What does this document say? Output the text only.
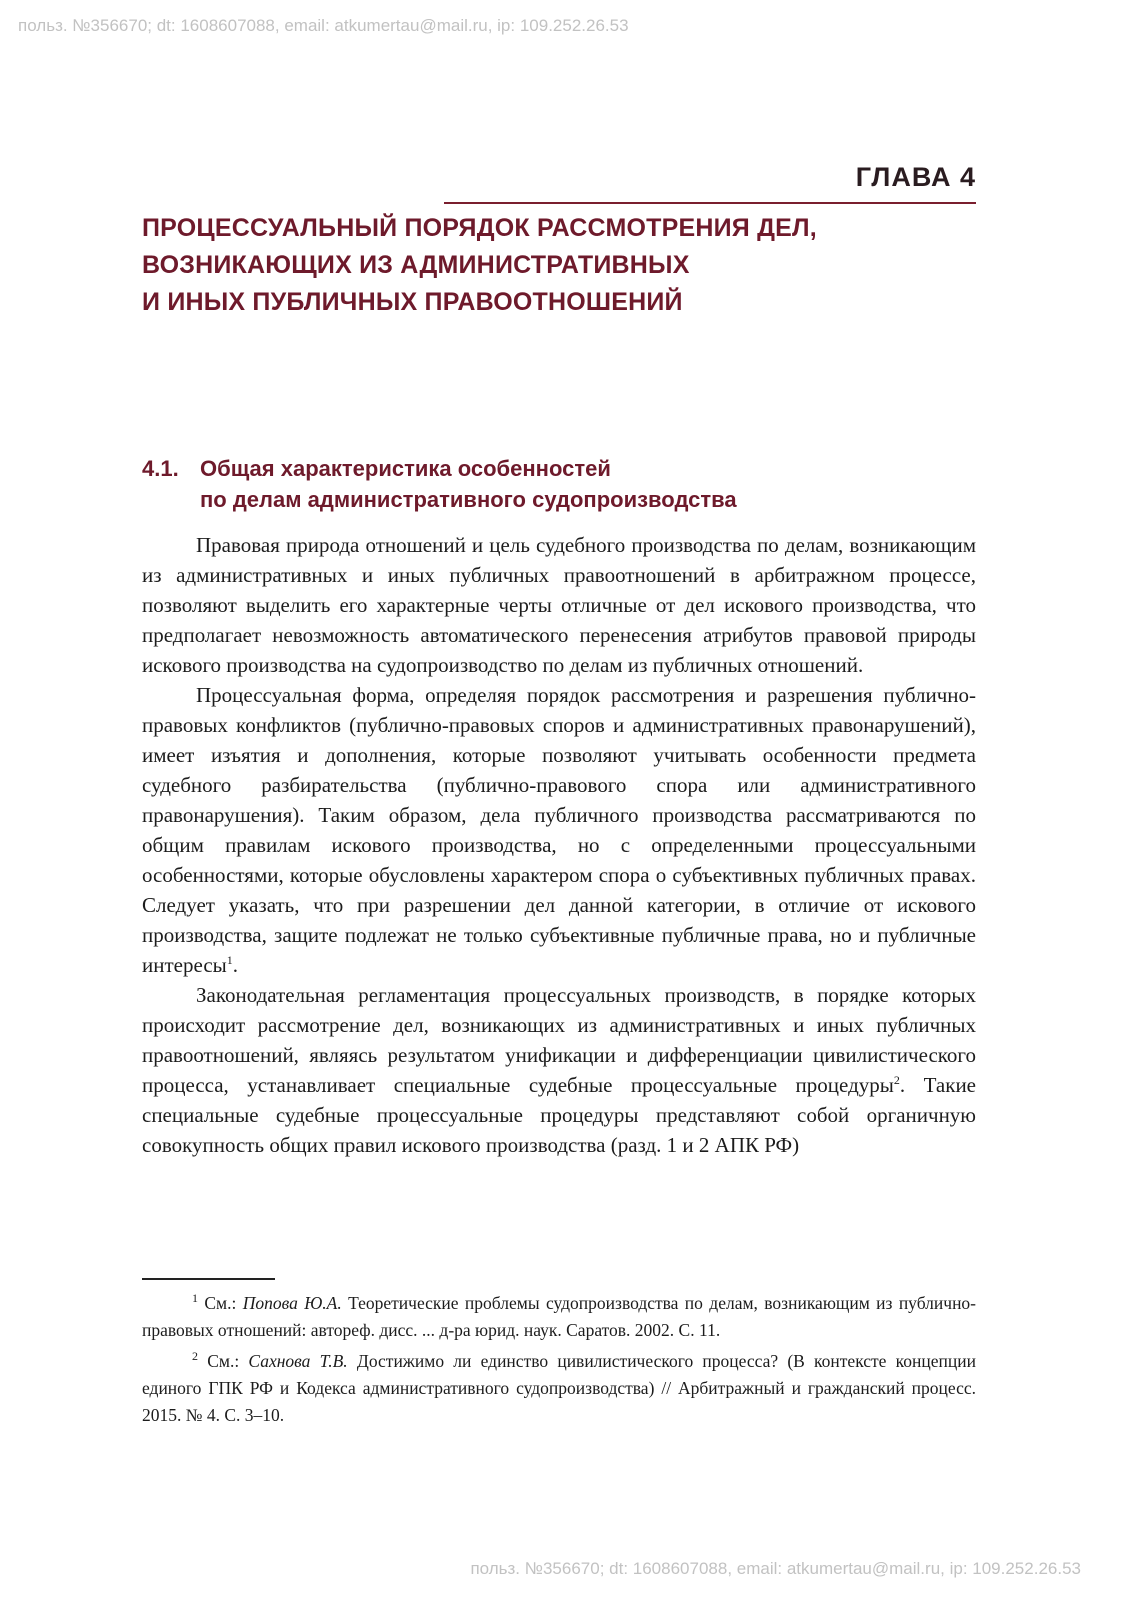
польз. №356670; dt: 1608607088, email: atkumertau@mail.ru, ip: 109.252.26.53
ГЛАВА 4
ПРОЦЕССУАЛЬНЫЙ ПОРЯДОК РАССМОТРЕНИЯ ДЕЛ,
ВОЗНИКАЮЩИХ ИЗ АДМИНИСТРАТИВНЫХ
И ИНЫХ ПУБЛИЧНЫХ ПРАВООТНОШЕНИЙ
4.1. Общая характеристика особенностей
по делам административного судопроизводства

Правовая природа отношений и цель судебного производства по делам, возникающим из административных и иных публичных правоотношений в арбитражном процессе, позволяют выделить его характерные черты отличные от дел искового производства, что предполагает невозможность автоматического перенесения атрибутов правовой природы искового производства на судопроизводство по делам из публичных отношений.

Процессуальная форма, определяя порядок рассмотрения и разрешения публично-правовых конфликтов (публично-правовых споров и административных правонарушений), имеет изъятия и дополнения, которые позволяют учитывать особенности предмета судебного разбирательства (публично-правового спора или административного правонарушения). Таким образом, дела публичного производства рассматриваются по общим правилам искового производства, но с определенными процессуальными особенностями, которые обусловлены характером спора о субъективных публичных правах. Следует указать, что при разрешении дел данной категории, в отличие от искового производства, защите подлежат не только субъективные публичные права, но и публичные интересы$^1$.

Законодательная регламентация процессуальных производств, в порядке которых происходит рассмотрение дел, возникающих из административных и иных публичных правоотношений, являясь результатом унификации и дифференциации цивилистического процесса, устанавливает специальные судебные процессуальные процедуры$^2$. Такие специальные судебные процессуальные процедуры представляют собой органичную совокупность общих правил искового производства (разд. 1 и 2 АПК РФ)

$^1$ См.: Попова Ю.А. Теоретические проблемы судопроизводства по делам, возникающим из публично-правовых отношений: автореф. дисс. ... д-ра юрид. наук. Саратов. 2002. С. 11.

$^2$ См.: Сахнова Т.В. Достижимо ли единство цивилистического процесса? (В контексте концепции единого ГПК РФ и Кодекса административного судопроизводства) // Арбитражный и гражданский процесс. 2015. № 4. С. 3–10.

польз. №356670; dt: 1608607088, email: atkumertau@mail.ru, ip: 109.252.26.53
